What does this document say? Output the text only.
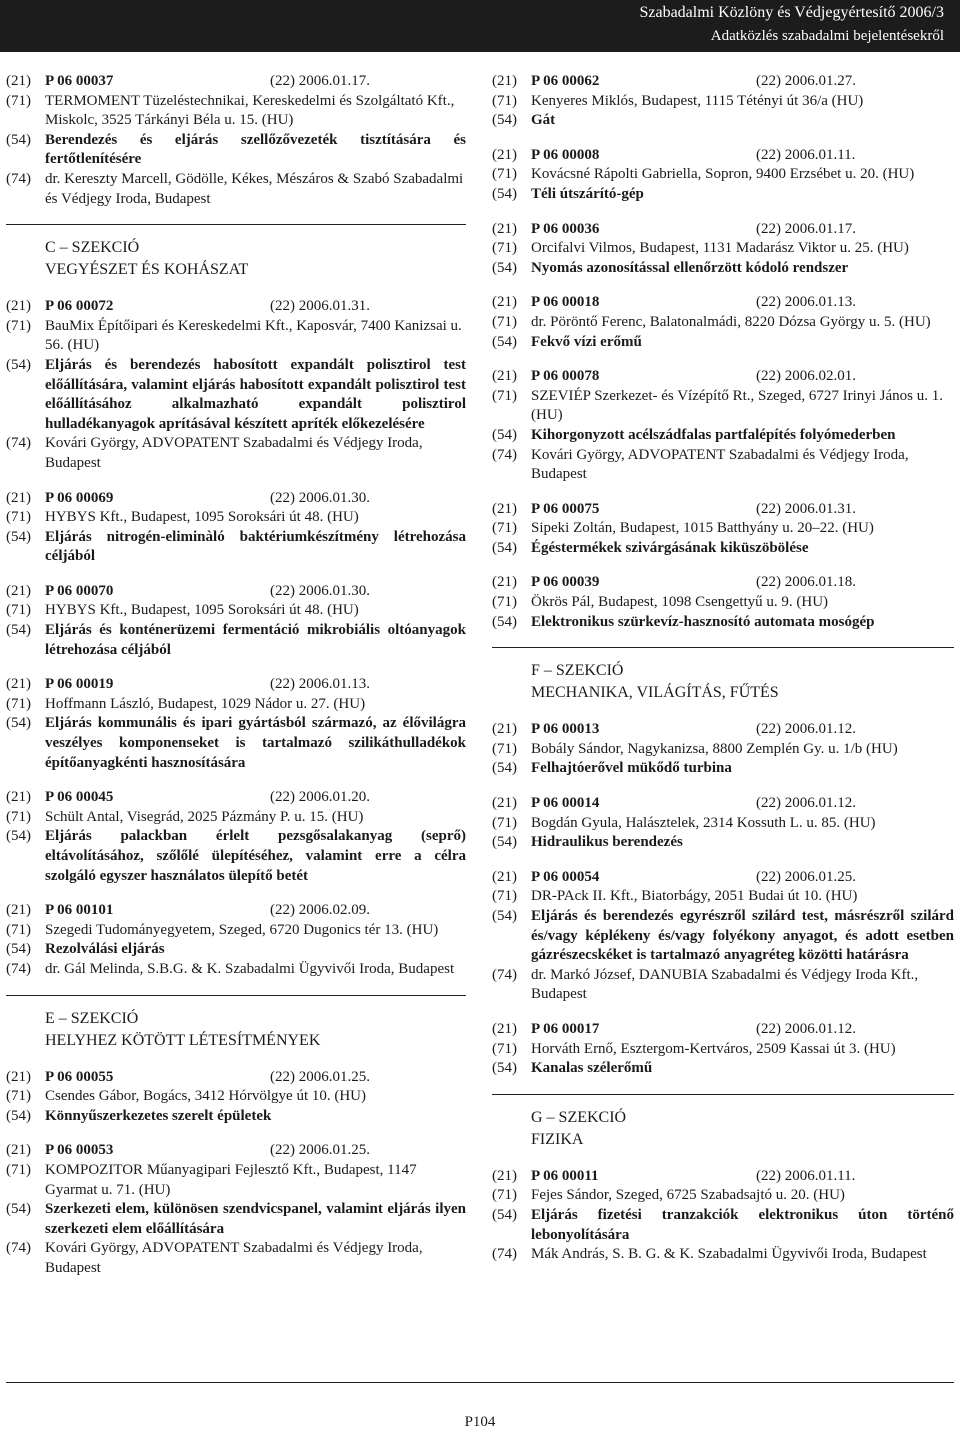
Szabadalmi Közlöny és Védjegyértesítő 2006/3
Adatközlés szabadalmi bejelentésekről
(21) P 06 00037	(22) 2006.01.17.
(71) TERMOMENT Tüzeléstechnikai, Kereskedelmi és Szolgáltató Kft., Miskolc, 3525 Tárkányi Béla u. 15. (HU)
(54) Berendezés és eljárás szellőzővezeték tisztítására és fertőtlenítésére
(74) dr. Kereszty Marcell, Gödölle, Kékes, Mészáros & Szabó Szabadalmi és Védjegy Iroda, Budapest
C – SZEKCIÓ
VEGYÉSZET ÉS KOHÁSZAT
(21) P 06 00072	(22) 2006.01.31.
(71) BauMix Építőipari és Kereskedelmi Kft., Kaposvár, 7400 Kanizsai u. 56. (HU)
(54) Eljárás és berendezés habosított expandált polisztirol test előállítására, valamint eljárás habosított expandált polisztirol test előállításához alkalmazható expandált polisztirol hulladékanyagok aprításával készített apríték előkezelésére
(74) Kovári György, ADVOPATENT Szabadalmi és Védjegy Iroda, Budapest
(21) P 06 00069	(22) 2006.01.30.
(71) HYBYS Kft., Budapest, 1095 Soroksári út 48. (HU)
(54) Eljárás nitrogén-eliminàló baktériumkészítmény létrehozása céljából
(21) P 06 00070	(22) 2006.01.30.
(71) HYBYS Kft., Budapest, 1095 Soroksári út 48. (HU)
(54) Eljárás és konténerüzemi fermentáció mikrobiális oltóanyagok létrehozása céljából
(21) P 06 00019	(22) 2006.01.13.
(71) Hoffmann László, Budapest, 1029 Nádor u. 27. (HU)
(54) Eljárás kommunális és ipari gyártásból származó, az élővilágra veszélyes komponenseket is tartalmazó szilikáthulladékok építőanyagkénti hasznosítására
(21) P 06 00045	(22) 2006.01.20.
(71) Schült Antal, Visegrád, 2025 Pázmány P. u. 15. (HU)
(54) Eljárás palackban érlelt pezsgősalakanyag (seprő) eltávolításához, szőlőlé ülepítéséhez, valamint erre a célra szolgáló egyszer használatos ülepítő betét
(21) P 06 00101	(22) 2006.02.09.
(71) Szegedi Tudományegyetem, Szeged, 6720 Dugonics tér 13. (HU)
(54) Rezolválási eljárás
(74) dr. Gál Melinda, S.B.G. & K. Szabadalmi Ügyvivői Iroda, Budapest
E – SZEKCIÓ
HELYHEZ KÖTÖTT LÉTESÍTMÉNYEK
(21) P 06 00055	(22) 2006.01.25.
(71) Csendes Gábor, Bogács, 3412 Hórvölgye út 10. (HU)
(54) Könnyűszerkezetes szerelt épületek
(21) P 06 00053	(22) 2006.01.25.
(71) KOMPOZITOR Műanyagipari Fejlesztő Kft., Budapest, 1147 Gyarmat u. 71. (HU)
(54) Szerkezeti elem, különösen szendvicspanel, valamint eljárás ilyen szerkezeti elem előállítására
(74) Kovári György, ADVOPATENT Szabadalmi és Védjegy Iroda, Budapest
(21) P 06 00062	(22) 2006.01.27.
(71) Kenyeres Miklós, Budapest, 1115 Tétényi út 36/a (HU)
(54) Gát
(21) P 06 00008	(22) 2006.01.11.
(71) Kovácsné Rápolti Gabriella, Sopron, 9400 Erzsébet u. 20. (HU)
(54) Téli útszárító-gép
(21) P 06 00036	(22) 2006.01.17.
(71) Orcifalvi Vilmos, Budapest, 1131 Madarász Viktor u. 25. (HU)
(54) Nyomás azonosítással ellenőrzött kódoló rendszer
(21) P 06 00018	(22) 2006.01.13.
(71) dr. Pöröntő Ferenc, Balatonalmádi, 8220 Dózsa György u. 5. (HU)
(54) Fekvő vízi erőmű
(21) P 06 00078	(22) 2006.02.01.
(71) SZEVIÉP Szerkezet- és Vízépítő Rt., Szeged, 6727 Irinyi János u. 1. (HU)
(54) Kihorgonyzott acélszádfalas partfalépítés folyómederben
(74) Kovári György, ADVOPATENT Szabadalmi és Védjegy Iroda, Budapest
(21) P 06 00075	(22) 2006.01.31.
(71) Sipeki Zoltán, Budapest, 1015 Batthyány u. 20–22. (HU)
(54) Égéstermékek szivárgásának kiküszöbölése
(21) P 06 00039	(22) 2006.01.18.
(71) Ökrös Pál, Budapest, 1098 Csengettyű u. 9. (HU)
(54) Elektronikus szürkevíz-hasznosító automata mosógép
F – SZEKCIÓ
MECHANIKA, VILÁGÍTÁS, FŰTÉS
(21) P 06 00013	(22) 2006.01.12.
(71) Bobály Sándor, Nagykanizsa, 8800 Zemplén Gy. u. 1/b (HU)
(54) Felhajtóerővel mükődő turbina
(21) P 06 00014	(22) 2006.01.12.
(71) Bogdán Gyula, Halásztelek, 2314 Kossuth L. u. 85. (HU)
(54) Hidraulikus berendezés
(21) P 06 00054	(22) 2006.01.25.
(71) DR-PAck II. Kft., Biatorbágy, 2051 Budai út 10. (HU)
(54) Eljárás és berendezés egyrészről szilárd test, másrészről szilárd és/vagy képlékeny és/vagy folyékony anyagot, és adott esetben gázrészecskéket is tartalmazó anyagréteg közötti határásra
(74) dr. Markó József, DANUBIA Szabadalmi és Védjegy Iroda Kft., Budapest
(21) P 06 00017	(22) 2006.01.12.
(71) Horváth Ernő, Esztergom-Kertváros, 2509 Kassai út 3. (HU)
(54) Kanalas szélerőmű
G – SZEKCIÓ
FIZIKA
(21) P 06 00011	(22) 2006.01.11.
(71) Fejes Sándor, Szeged, 6725 Szabadsajtó u. 20. (HU)
(54) Eljárás fizetési tranzakciók elektronikus úton történő lebonyolítására
(74) Mák András, S. B. G. & K. Szabadalmi Ügyvivői Iroda, Budapest
P104
